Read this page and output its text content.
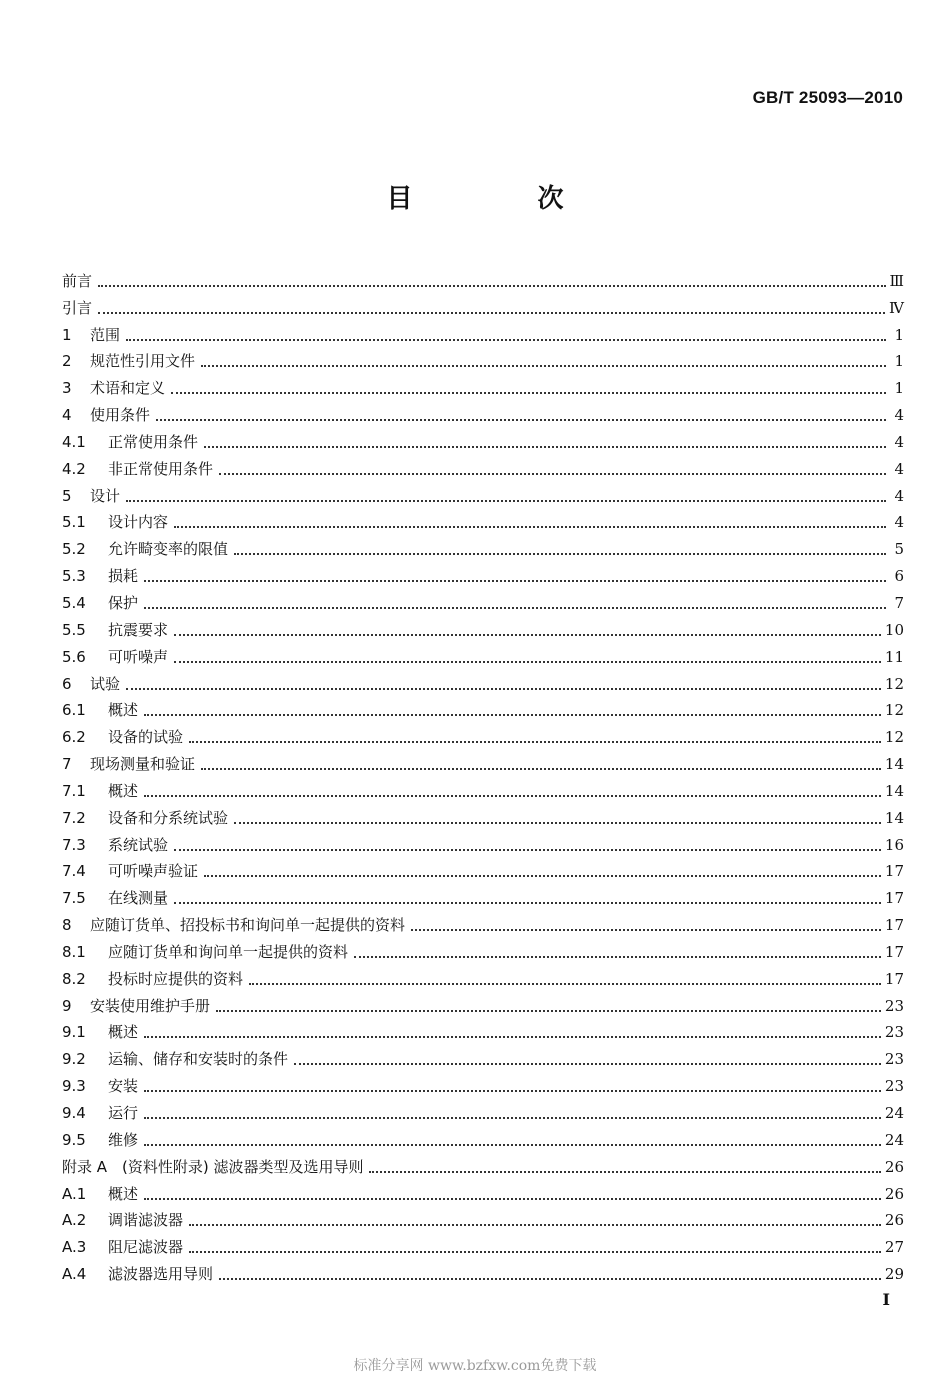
GB/T 25093—2010
目 次
前言	Ⅲ
引言	Ⅳ
1	范围	1
2	规范性引用文件	1
3	术语和定义	1
4	使用条件	4
4.1	正常使用条件	4
4.2	非正常使用条件	4
5	设计	4
5.1	设计内容	4
5.2	允许畸变率的限值	5
5.3	损耗	6
5.4	保护	7
5.5	抗震要求	10
5.6	可听噪声	11
6	试验	12
6.1	概述	12
6.2	设备的试验	12
7	现场测量和验证	14
7.1	概述	14
7.2	设备和分系统试验	14
7.3	系统试验	16
7.4	可听噪声验证	17
7.5	在线测量	17
8	应随订货单、招投标书和询问单一起提供的资料	17
8.1	应随订货单和询问单一起提供的资料	17
8.2	投标时应提供的资料	17
9	安装使用维护手册	23
9.1	概述	23
9.2	运输、储存和安装时的条件	23
9.3	安装	23
9.4	运行	24
9.5	维修	24
附录 A (资料性附录) 滤波器类型及选用导则	26
A.1	概述	26
A.2	调谐滤波器	26
A.3	阻尼滤波器	27
A.4	滤波器选用导则	29
I
标准分享网 www.bzfxw.com免费下载
